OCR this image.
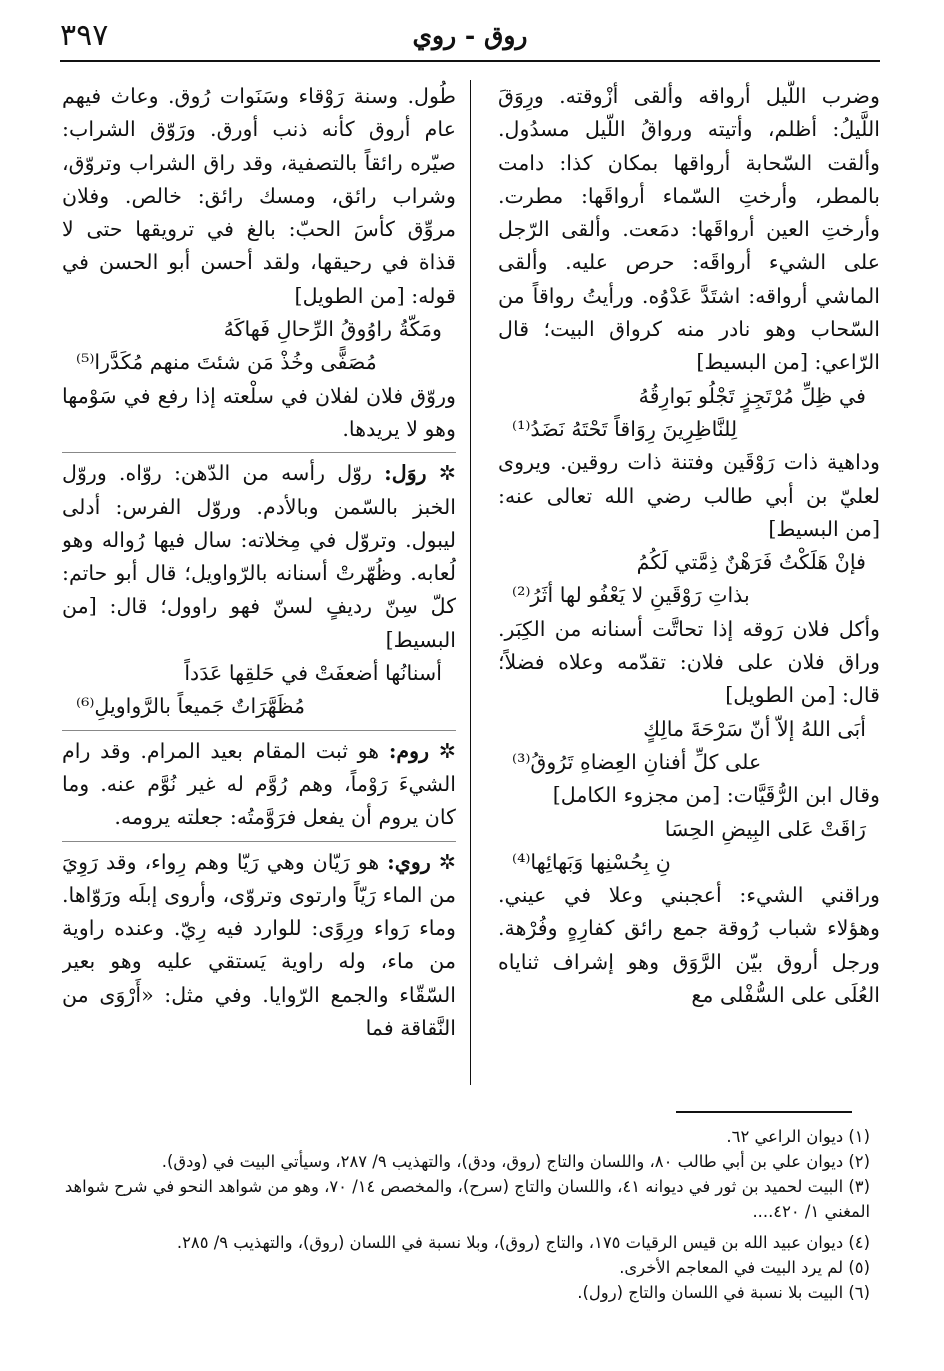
٣٩٧	روق - روي

وضرب اللَّيل أرواقه وألقى أزْوقته. ورِوَقَ اللَّيلُ: أظلم، وأتيته ورواقُ اللّيل مسدُول. وألقت السّحابة أرواقها بمكان كذا: دامت بالمطر، وأرختِ السّماء أرواقَها: مطرت. وأرختِ العين أرواقَها: دمَعت. وألقى الرّجل على الشيء أرواقَه: حرص عليه. وألقى الماشي أرواقه: اشتَدَّ عَدْوُه. ورأيتُ رواقاً من السّحاب وهو نادر منه كرواق البيت؛ قال الرّاعي: [من البسيط]

في ظِلِّ مُرْتَجِزٍ تَجْلُو بَوارِقُهُ
لِلنَّاظِرِينَ رِوَاقاً تَحْتَهُ نَضَدُ⁽¹⁾

وداهية ذات رَوْقَين وفتنة ذات روقين. ويروى لعليّ بن أبي طالب رضي الله تعالى عنه: [من البسيط]

فإنْ هَلَكْتُ فَرَهْنٌ ذِمَّتي لَكُمُ
بذاتِ رَوْقَينِ لا يَعْفُو لها أثَرُ⁽²⁾

وأكل فلان رَوقه إذا تحاتَّت أسنانه من الكِبَر. وراق فلان على فلان: تقدّمه وعلاه فضلاً؛ قال: [من الطويل]

أبَى اللهُ إلاّ أنّ سَرْحَةَ مالِكٍ
على كلِّ أفنانِ العِضاهِ تَرُوقُ⁽³⁾

وقال ابن الرُّقَيَّات: [من مجزوء الكامل]

رَاقَتْ عَلى البِيضِ الحِسَا
نِ بِحُسْنِها وَبَهائِها⁽⁴⁾

وراقني الشيء: أعجبني وعلا في عيني. وهؤلاء شباب رُوقة جمع رائق كفارِهٍ وفُرْهة. ورجل أروق بيّن الرَّوَق وهو إشراف ثناياه العُلَى على السُّفْلى مع

طُول. وسنة رَوْقاء وسَنَوات رُوق. وعاث فيهم عام أروق كأنه ذنب أورق. ورَوّق الشراب: صيّره رائقاً بالتصفية، وقد راق الشراب وتروّق، وشراب رائق، ومسك رائق: خالص. وفلان مروِّق كأسَ الحبّ: بالغ في ترويقها حتى لا قذاة في رحيقها، ولقد أحسن أبو الحسن في قوله: [من الطويل]

ومَكّةُ راوُوقُ الرِّحالِ فَهاكَهُ
مُصَفًّى وخُذْ مَن شئتَ منهم مُكَدَّرا⁽⁵⁾

وروّق فلان لفلان في سلْعته إذا رفع في سَوْمها وهو لا يريدها.

✲ روَل: روّل رأسه من الدّهن: روّاه. وروّل الخبز بالسّمن وبالأدم. وروّل الفرس: أدلى ليبول. وتروّل في مِخلاته: سال فيها رُواله وهو لُعابه. وظُهّرتْ أسنانه بالرّواويل؛ قال أبو حاتم: كلّ سِنّ رديفٍ لسنّ فهو راوول؛ قال: [من البسيط]

أسنانُها أضعفَتْ في حَلقِها عَدَداً
مُظَهَّرَاتٌ جَميعاً بالرَّواويلِ⁽⁶⁾

✲ روم: هو ثبت المقام بعيد المرام. وقد رام الشيءَ رَوْماً، وهم رُوَّم له غير نُوَّم عنه. وما كان يروم أن يفعل فرَوَّمتُه: جعلته يرومه.

✲ روي: هو رَيّان وهي رَيّا وهم رِواء، وقد رَوِيَ من الماء رَيّاً وارتوى وتروّى، وأروى إبلَه ورَوّاها. وماء رَواء ورِوًى: للوارد فيه رِيّ. وعنده راوية من ماء، وله راوية يَستقي عليه وهو بعير السّقّاء والجمع الرّوايا. وفي مثل: «أَرْوَى من النَّقاقة فما

(١) ديوان الراعي ٦٢.

(٢) ديوان علي بن أبي طالب ٨٠، واللسان والتاج (روق، ودق)، والتهذيب ٩/ ٢٨٧، وسيأتي البيت في (ودق).

(٣) البيت لحميد بن ثور في ديوانه ٤١، واللسان والتاج (سرح)، والمخصص ١٤/ ٧٠، وهو من شواهد النحو في شرح شواهد المغني ١/ ٤٢٠....

(٤) ديوان عبيد الله بن قيس الرقيات ١٧٥، والتاج (روق)، وبلا نسبة في اللسان (روق)، والتهذيب ٩/ ٢٨٥.

(٥) لم يرد البيت في المعاجم الأخرى.

(٦) البيت بلا نسبة في اللسان والتاج (رول).
